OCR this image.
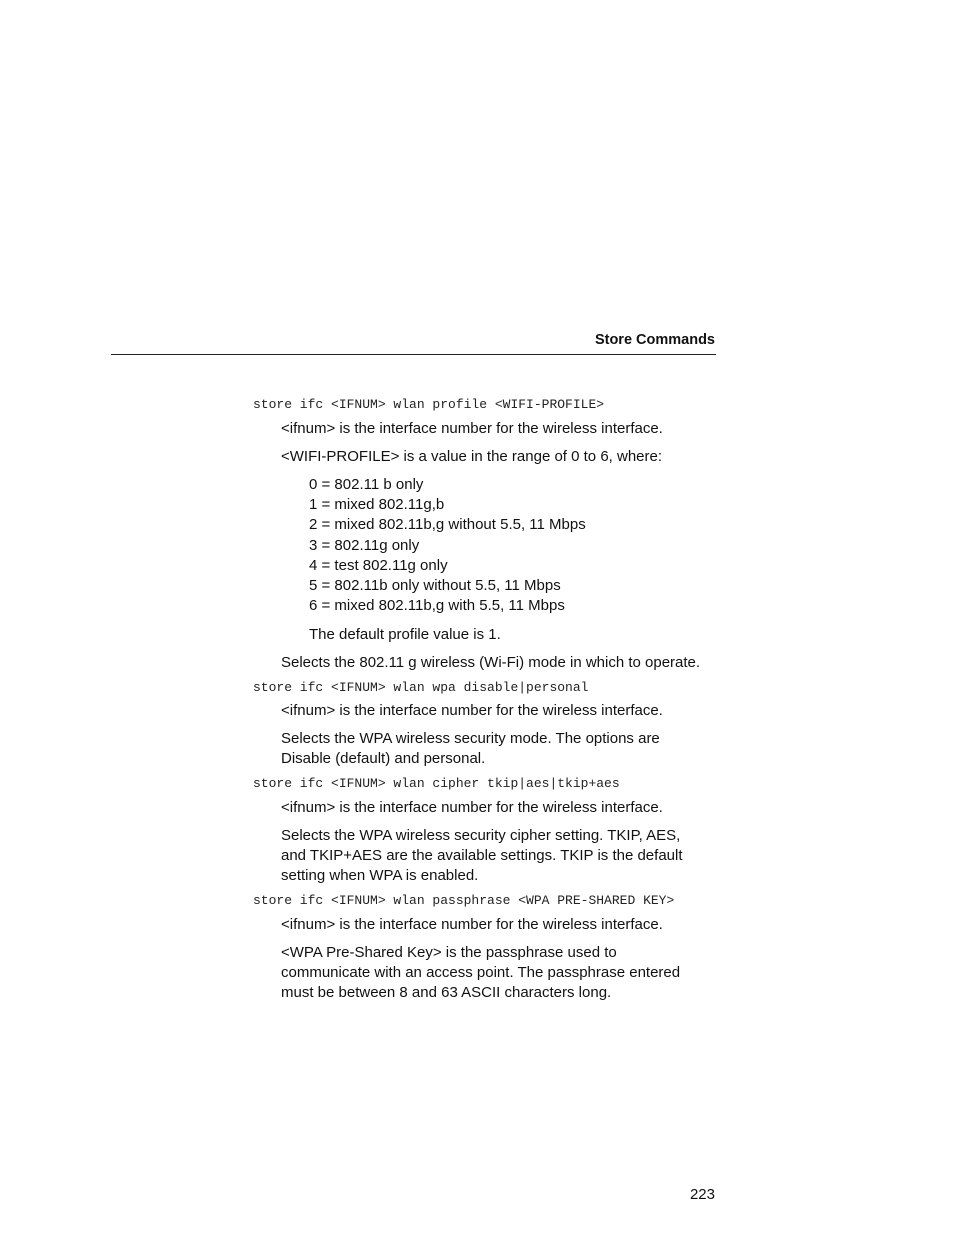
Store Commands
store ifc <IFNUM> wlan profile <WIFI-PROFILE>
<ifnum> is the interface number for the wireless interface.
<WIFI-PROFILE> is a value in the range of 0 to 6, where:
0 = 802.11 b only
1 = mixed 802.11g,b
2 = mixed 802.11b,g without 5.5, 11 Mbps
3 = 802.11g only
4 = test 802.11g only
5 = 802.11b only without 5.5, 11 Mbps
6 = mixed 802.11b,g with 5.5, 11 Mbps
The default profile value is 1.
Selects the 802.11 g wireless (Wi-Fi) mode in which to operate.
store ifc <IFNUM> wlan wpa disable|personal
<ifnum> is the interface number for the wireless interface.
Selects the WPA wireless security mode. The options are
Disable (default) and personal.
store ifc <IFNUM> wlan cipher tkip|aes|tkip+aes
<ifnum> is the interface number for the wireless interface.
Selects the WPA wireless security cipher setting. TKIP, AES,
and TKIP+AES are the available settings. TKIP is the default
setting when WPA is enabled.
store ifc <IFNUM> wlan passphrase <WPA PRE-SHARED KEY>
<ifnum> is the interface number for the wireless interface.
<WPA Pre-Shared Key> is the passphrase used to
communicate with an access point. The passphrase entered
must be between 8 and 63 ASCII characters long.
223
